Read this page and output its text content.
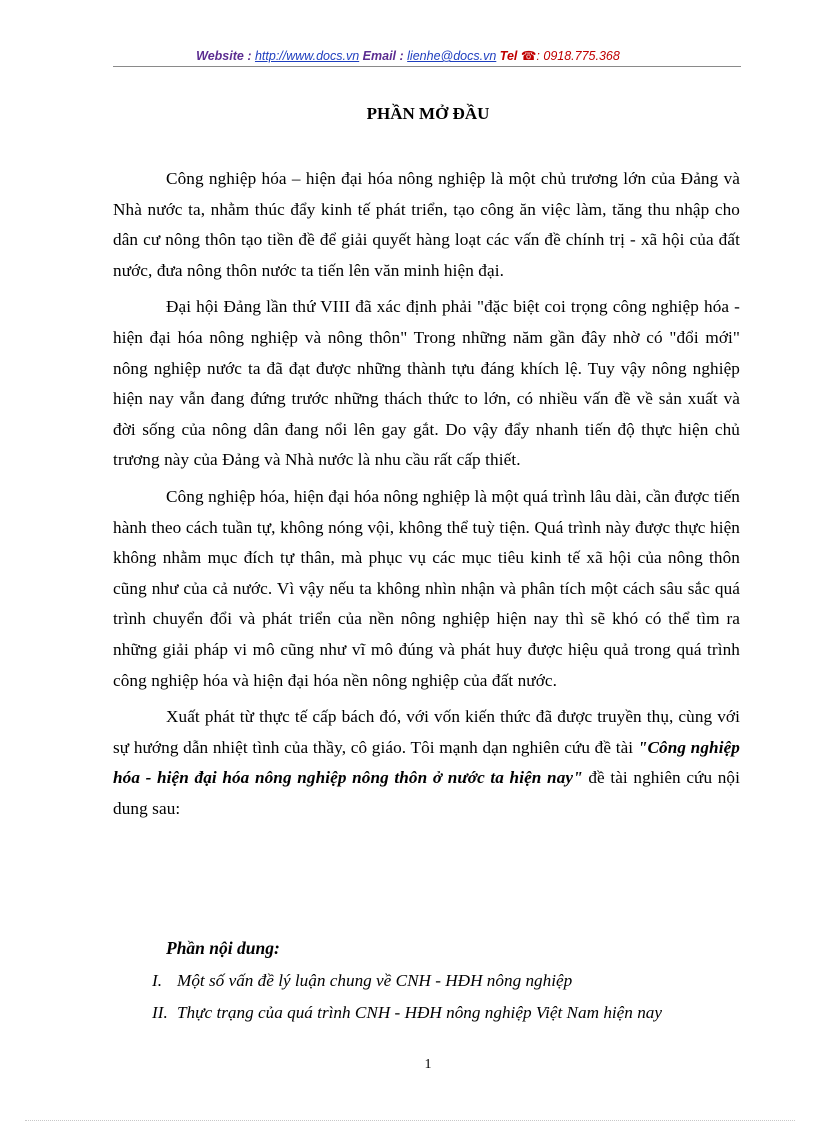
Website : http://www.docs.vn Email : lienhe@docs.vn Tel ☎: 0918.775.368
PHẦN MỞ ĐẦU

Công nghiệp hóa – hiện đại hóa nông nghiệp là một chủ trương lớn của Đảng và Nhà nước ta, nhằm thúc đẩy kinh tế phát triển, tạo công ăn việc làm, tăng thu nhập cho dân cư nông thôn tạo tiền đề để giải quyết hàng loạt các vấn đề chính trị - xã hội của đất nước, đưa nông thôn nước ta tiến lên văn minh hiện đại.

Đại hội Đảng lần thứ VIII đã xác định phải "đặc biệt coi trọng công nghiệp hóa - hiện đại hóa nông nghiệp và nông thôn" Trong những năm gần đây nhờ có "đổi mới" nông nghiệp nước ta đã đạt được những thành tựu đáng khích lệ. Tuy vậy nông nghiệp hiện nay vẫn đang đứng trước những thách thức to lớn, có nhiều vấn đề về sản xuất và đời sống của nông dân đang nổi lên gay gắt. Do vậy đẩy nhanh tiến độ thực hiện chủ trương này của Đảng và Nhà nước là nhu cầu rất cấp thiết.

Công nghiệp hóa, hiện đại hóa nông nghiệp là một quá trình lâu dài, cần được tiến hành theo cách tuần tự, không nóng vội, không thể tuỳ tiện. Quá trình này được thực hiện không nhằm mục đích tự thân, mà phục vụ các mục tiêu kinh tế xã hội của nông thôn cũng như của cả nước. Vì vậy nếu ta không nhìn nhận và phân tích một cách sâu sắc quá trình chuyển đổi và phát triển của nền nông nghiệp hiện nay thì sẽ khó có thể tìm ra những giải pháp vi mô cũng như vĩ mô đúng và phát huy được hiệu quả trong quá trình công nghiệp hóa và hiện đại hóa nền nông nghiệp của đất nước.

Xuất phát từ thực tế cấp bách đó, với vốn kiến thức đã được truyền thụ, cùng với sự hướng dẫn nhiệt tình của thầy, cô giáo. Tôi mạnh dạn nghiên cứu đề tài "Công nghiệp hóa - hiện đại hóa nông nghiệp nông thôn ở nước ta hiện nay" đề tài nghiên cứu nội dung sau:

Phần nội dung:
I. Một số vấn đề lý luận chung về CNH - HĐH nông nghiệp
II. Thực trạng của quá trình CNH - HĐH nông nghiệp Việt Nam hiện nay
1
